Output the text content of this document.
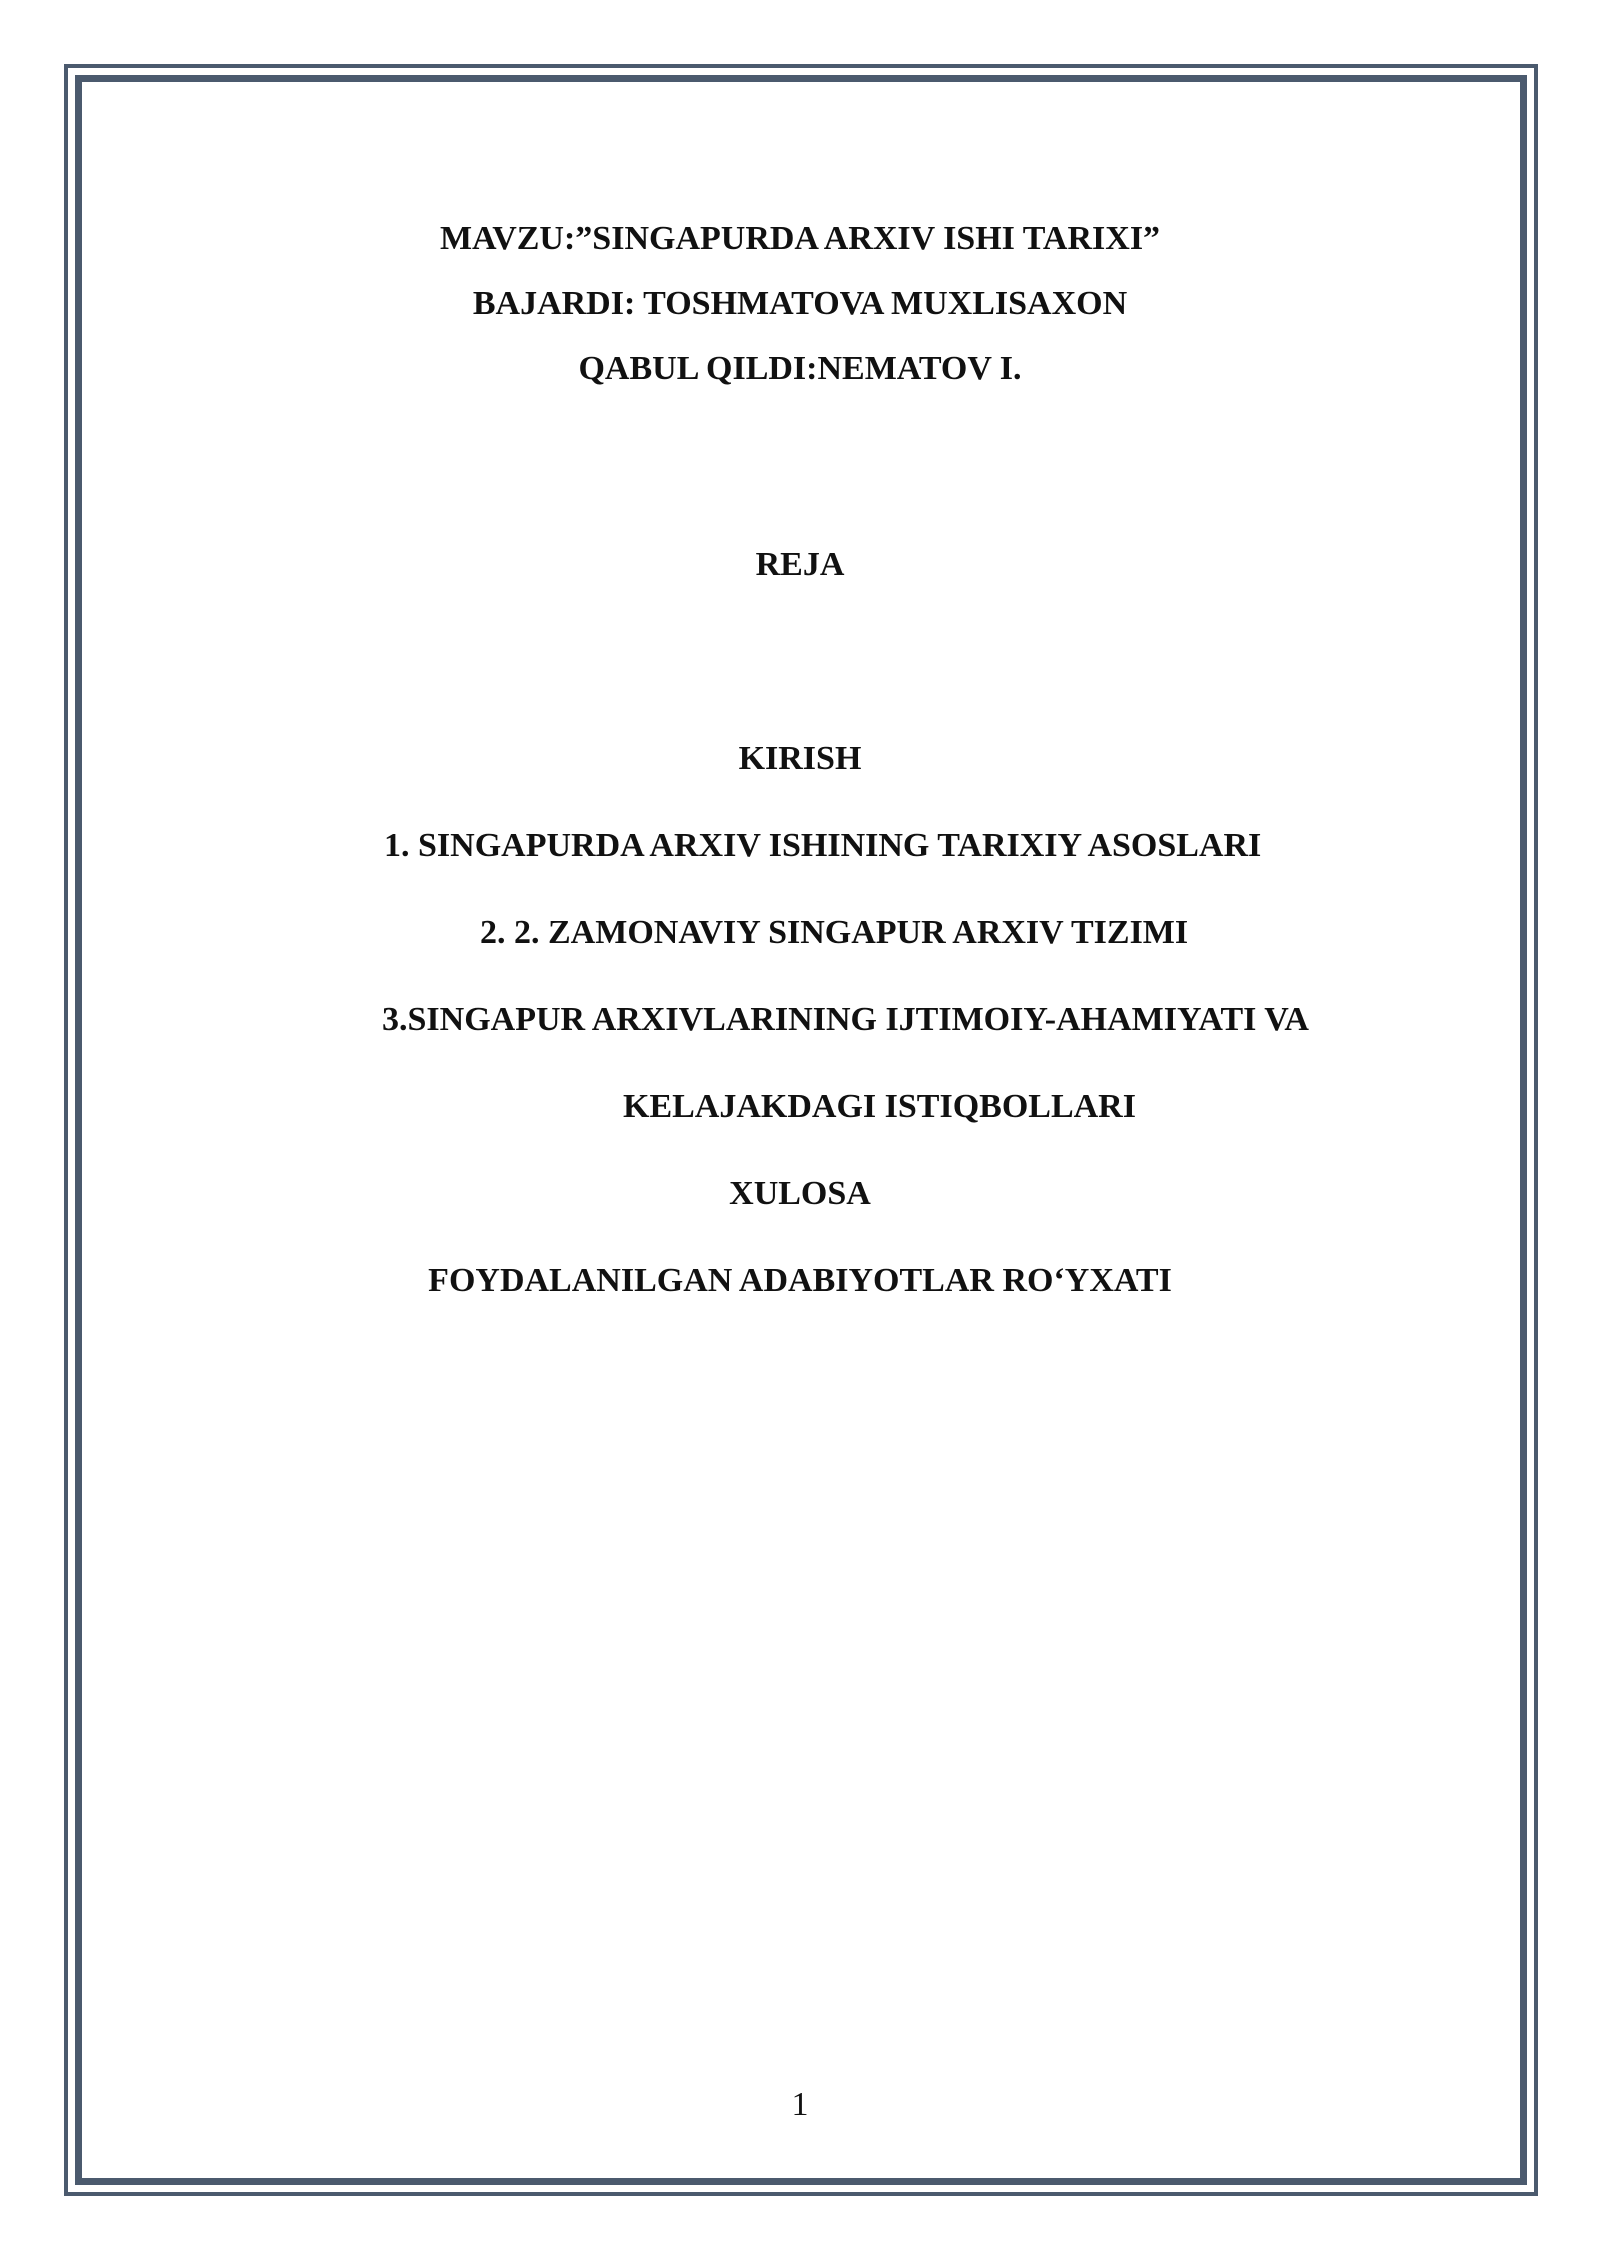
MAVZU:”SINGAPURDA ARXIV ISHI TARIXI”
BAJARDI: TOSHMATOVA MUXLISAXON
QABUL QILDI:NEMATOV I.
REJA
KIRISH
1. SINGAPURDA ARXIV ISHINING TARIXIY ASOSLARI
2. 2. ZAMONAVIY SINGAPUR ARXIV TIZIMI
3.SINGAPUR ARXIVLARINING IJTIMOIY-AHAMIYATI VA
KELAJAKDAGI ISTIQBOLLARI
XULOSA
FOYDALANILGAN ADABIYOTLAR RO‘YXATI
1
